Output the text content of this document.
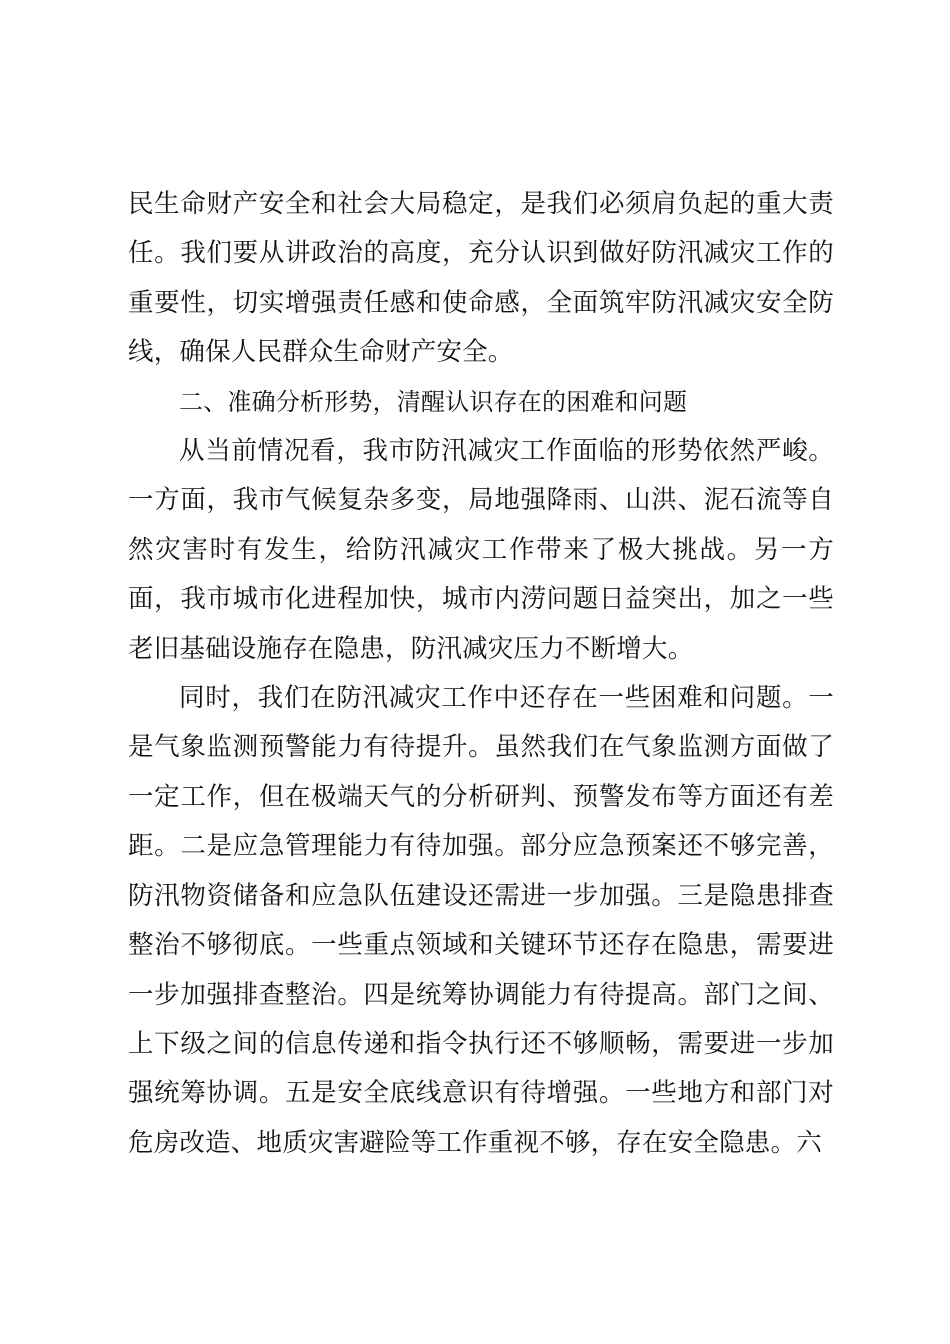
民生命财产安全和社会大局稳定，是我们必须肩负起的重大责任。我们要从讲政治的高度，充分认识到做好防汛减灾工作的重要性，切实增强责任感和使命感，全面筑牢防汛减灾安全防线，确保人民群众生命财产安全。

二、准确分析形势，清醒认识存在的困难和问题

从当前情况看，我市防汛减灾工作面临的形势依然严峻。一方面，我市气候复杂多变，局地强降雨、山洪、泥石流等自然灾害时有发生，给防汛减灾工作带来了极大挑战。另一方面，我市城市化进程加快，城市内涝问题日益突出，加之一些老旧基础设施存在隐患，防汛减灾压力不断增大。

同时，我们在防汛减灾工作中还存在一些困难和问题。一是气象监测预警能力有待提升。虽然我们在气象监测方面做了一定工作，但在极端天气的分析研判、预警发布等方面还有差距。二是应急管理能力有待加强。部分应急预案还不够完善，防汛物资储备和应急队伍建设还需进一步加强。三是隐患排查整治不够彻底。一些重点领域和关键环节还存在隐患，需要进一步加强排查整治。四是统筹协调能力有待提高。部门之间、上下级之间的信息传递和指令执行还不够顺畅，需要进一步加强统筹协调。五是安全底线意识有待增强。一些地方和部门对危房改造、地质灾害避险等工作重视不够，存在安全隐患。六
